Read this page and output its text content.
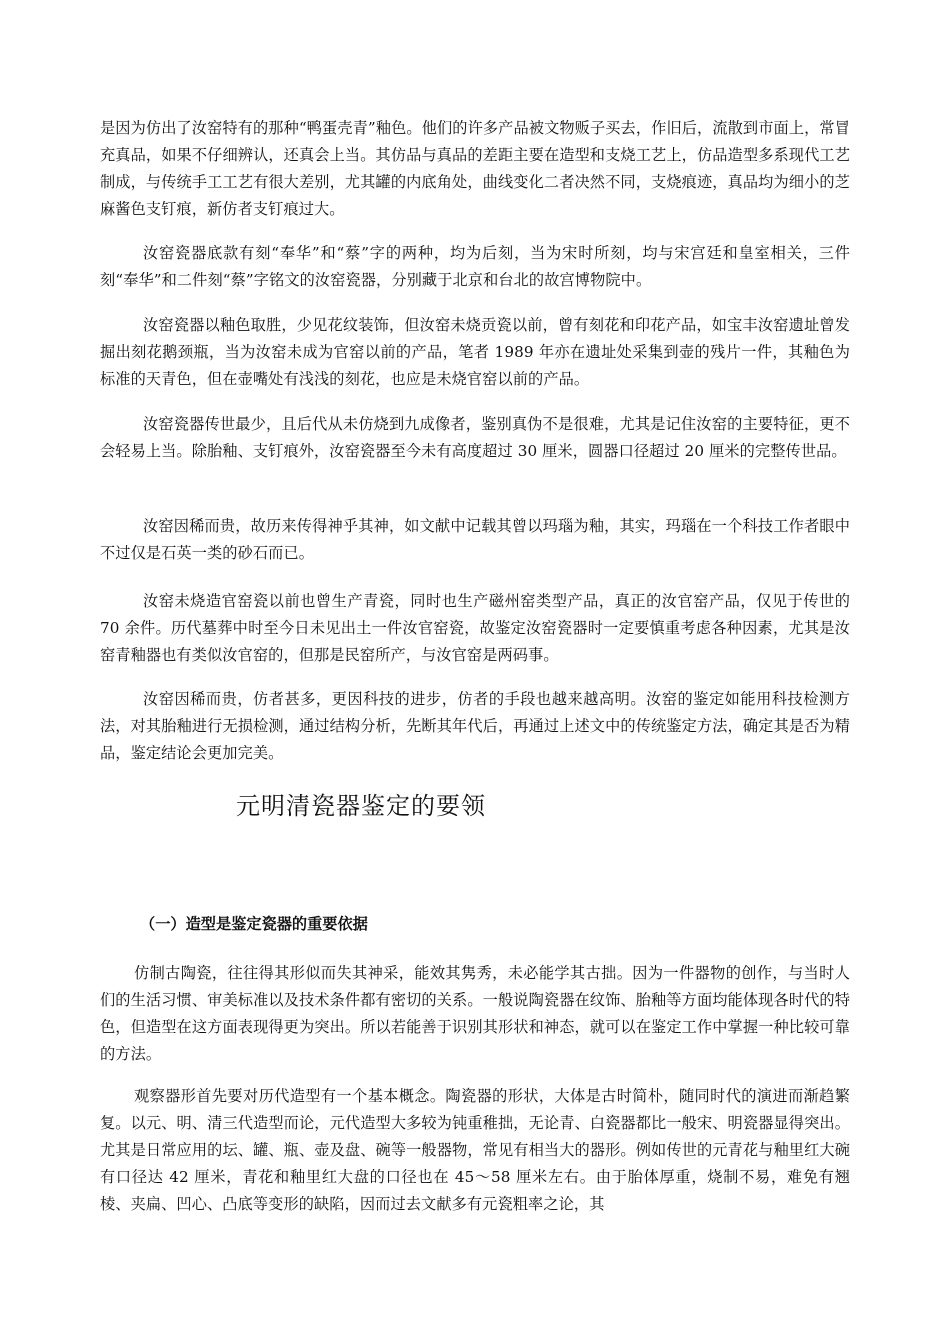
是因为仿出了汝窑特有的那种“鸭蛋壳青”釉色。他们的许多产品被文物贩子买去，作旧后，流散到市面上，常冒充真品，如果不仔细辨认，还真会上当。其仿品与真品的差距主要在造型和支烧工艺上，仿品造型多系现代工艺制成，与传统手工工艺有很大差别，尤其罐的内底角处，曲线变化二者决然不同，支烧痕迹，真品均为细小的芝麻酱色支钉痕，新仿者支钉痕过大。

汝窑瓷器底款有刻“奉华”和“蔡”字的两种，均为后刻，当为宋时所刻，均与宋宫廷和皇室相关，三件刻“奉华”和二件刻“蔡”字铭文的汝窑瓷器，分别藏于北京和台北的故宫博物院中。

汝窑瓷器以釉色取胜，少见花纹装饰，但汝窑未烧贡瓷以前，曾有刻花和印花产品，如宝丰汝窑遗址曾发掘出刻花鹅颈瓶，当为汝窑未成为官窑以前的产品，笔者 1989 年亦在遗址处采集到壶的残片一件，其釉色为标准的天青色，但在壶嘴处有浅浅的刻花，也应是未烧官窑以前的产品。

汝窑瓷器传世最少，且后代从未仿烧到九成像者，鉴别真伪不是很难，尤其是记住汝窑的主要特征，更不会轻易上当。除胎釉、支钉痕外，汝窑瓷器至今未有高度超过 30 厘米，圆器口径超过 20 厘米的完整传世品。

汝窑因稀而贵，故历来传得神乎其神，如文献中记载其曾以玛瑙为釉，其实，玛瑙在一个科技工作者眼中不过仅是石英一类的砂石而已。

汝窑未烧造官窑瓷以前也曾生产青瓷，同时也生产磁州窑类型产品，真正的汝官窑产品，仅见于传世的 70 余件。历代墓葬中时至今日未见出土一件汝官窑瓷，故鉴定汝窑瓷器时一定要慎重考虑各种因素，尤其是汝窑青釉器也有类似汝官窑的，但那是民窑所产，与汝官窑是两码事。

汝窑因稀而贵，仿者甚多，更因科技的进步，仿者的手段也越来越高明。汝窑的鉴定如能用科技检测方法，对其胎釉进行无损检测，通过结构分析，先断其年代后，再通过上述文中的传统鉴定方法，确定其是否为精品，鉴定结论会更加完美。

元明清瓷器鉴定的要领
（一）造型是鉴定瓷器的重要依据

仿制古陶瓷，往往得其形似而失其神采，能效其隽秀，未必能学其古拙。因为一件器物的创作，与当时人们的生活习惯、审美标准以及技术条件都有密切的关系。一般说陶瓷器在纹饰、胎釉等方面均能体现各时代的特色，但造型在这方面表现得更为突出。所以若能善于识别其形状和神态，就可以在鉴定工作中掌握一种比较可靠的方法。

观察器形首先要对历代造型有一个基本概念。陶瓷器的形状，大体是古时简朴，随同时代的演进而渐趋繁复。以元、明、清三代造型而论，元代造型大多较为钝重稚拙，无论青、白瓷器都比一般宋、明瓷器显得突出。尤其是日常应用的坛、罐、瓶、壶及盘、碗等一般器物，常见有相当大的器形。例如传世的元青花与釉里红大碗有口径达 42 厘米，青花和釉里红大盘的口径也在 45～58 厘米左右。由于胎体厚重，烧制不易，难免有翘棱、夹扁、凹心、凸底等变形的缺陷，因而过去文献多有元瓷粗率之论，其
